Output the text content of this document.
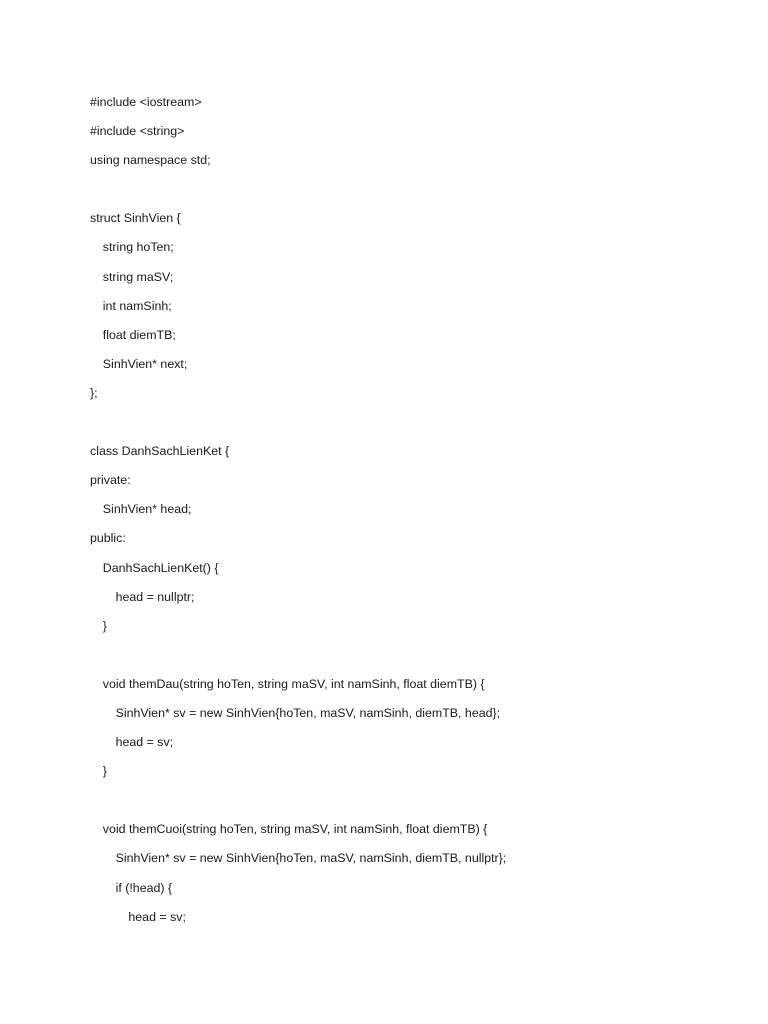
#include <iostream>
#include <string>
using namespace std;
struct SinhVien {
string hoTen;
string maSV;
int namSinh;
float diemTB;
SinhVien* next;
};
class DanhSachLienKet {
private:
SinhVien* head;
public:
DanhSachLienKet() {
head = nullptr;
}
void themDau(string hoTen, string maSV, int namSinh, float diemTB) {
SinhVien* sv = new SinhVien{hoTen, maSV, namSinh, diemTB, head};
head = sv;
}
void themCuoi(string hoTen, string maSV, int namSinh, float diemTB) {
SinhVien* sv = new SinhVien{hoTen, maSV, namSinh, diemTB, nullptr};
if (!head) {
head = sv;
